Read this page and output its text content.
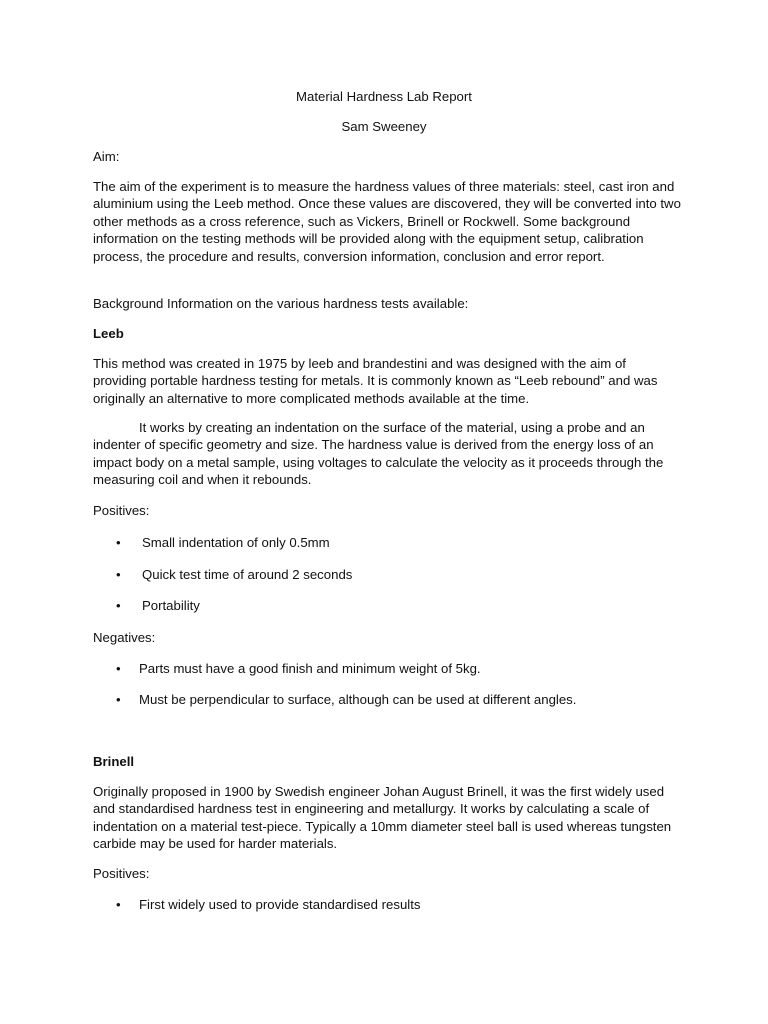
Material Hardness Lab Report
Sam Sweeney
Aim:

The aim of the experiment is to measure the hardness values of three materials: steel, cast iron and aluminium using the Leeb method. Once these values are discovered, they will be converted into two other methods as a cross reference, such as Vickers, Brinell or Rockwell. Some background information on the testing methods will be provided along with the equipment setup, calibration process, the procedure and results, conversion information, conclusion and error report.

Background Information on the various hardness tests available:
Leeb

This method was created in 1975 by leeb and brandestini and was designed with the aim of providing portable hardness testing for metals. It is commonly known as “Leeb rebound” and was originally an alternative to more complicated methods available at the time.

It works by creating an indentation on the surface of the material, using a probe and an indenter of specific geometry and size. The hardness value is derived from the energy loss of an impact body on a metal sample, using voltages to calculate the velocity as it proceeds through the measuring coil and when it rebounds.

Positives:
• Small indentation of only 0.5mm
• Quick test time of around 2 seconds
• Portability
Negatives:
• Parts must have a good finish and minimum weight of 5kg.
• Must be perpendicular to surface, although can be used at different angles.
Brinell

Originally proposed in 1900 by Swedish engineer Johan August Brinell, it was the first widely used and standardised hardness test in engineering and metallurgy. It works by calculating a scale of indentation on a material test-piece. Typically a 10mm diameter steel ball is used whereas tungsten carbide may be used for harder materials.

Positives:
• First widely used to provide standardised results
